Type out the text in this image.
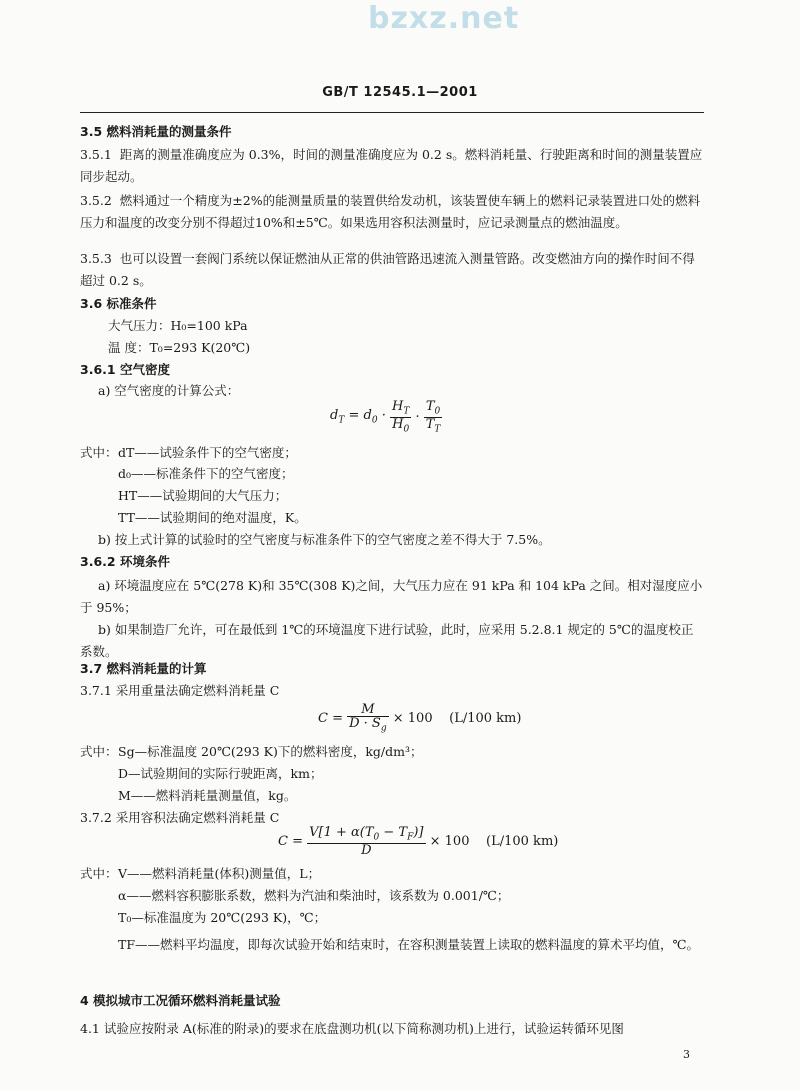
bzxz.net
GB/T 12545.1—2001
3.5 燃料消耗量的测量条件
3.5.1 距离的测量准确度应为 0.3%，时间的测量准确度应为 0.2 s。燃料消耗量、行驶距离和时间的测量装置应同步起动。
3.5.2 燃料通过一个精度为±2%的能测量质量的装置供给发动机，该装置使车辆上的燃料记录装置进口处的燃料压力和温度的改变分别不得超过10%和±5℃。如果选用容积法测量时，应记录测量点的燃油温度。
3.5.3 也可以设置一套阀门系统以保证燃油从正常的供油管路迅速流入测量管路。改变燃油方向的操作时间不得超过 0.2 s。
3.6 标准条件
大气压力：H₀=100 kPa
温 度：T₀=293 K(20℃)
3.6.1 空气密度
a) 空气密度的计算公式：
$d_T = d_0 \cdot \frac{H_T}{H_0} \cdot \frac{T_0}{T_T}$
式中： dT——试验条件下的空气密度；
d₀——标准条件下的空气密度；
HT——试验期间的大气压力；
TT——试验期间的绝对温度，K。
b) 按上式计算的试验时的空气密度与标准条件下的空气密度之差不得大于 7.5%。
3.6.2 环境条件
a) 环境温度应在 5℃(278 K)和 35℃(308 K)之间，大气压力应在 91 kPa 和 104 kPa 之间。相对湿度应小于 95%；
b) 如果制造厂允许，可在最低到 1℃的环境温度下进行试验，此时，应采用 5.2.8.1 规定的 5℃的温度校正系数。
3.7 燃料消耗量的计算
3.7.1 采用重量法确定燃料消耗量 C
$C = \frac{M}{D \cdot S_g} \times 100$    (L/100 km)
式中： Sg—标准温度 20℃(293 K)下的燃料密度，kg/dm³；
D—试验期间的实际行驶距离，km；
M——燃料消耗量测量值，kg。
3.7.2 采用容积法确定燃料消耗量 C
$C = \frac{V[1 + \alpha(T_0 - T_F)]}{D} \times 100$    (L/100 km)
式中： V——燃料消耗量(体积)测量值，L；
α——燃料容积膨胀系数，燃料为汽油和柴油时，该系数为 0.001/℃；
T₀—标准温度为 20℃(293 K)，℃；
TF——燃料平均温度，即每次试验开始和结束时，在容积测量装置上读取的燃料温度的算术平均值，℃。
4 模拟城市工况循环燃料消耗量试验
4.1 试验应按附录 A(标准的附录)的要求在底盘测功机(以下简称测功机)上进行，试验运转循环见图
3
